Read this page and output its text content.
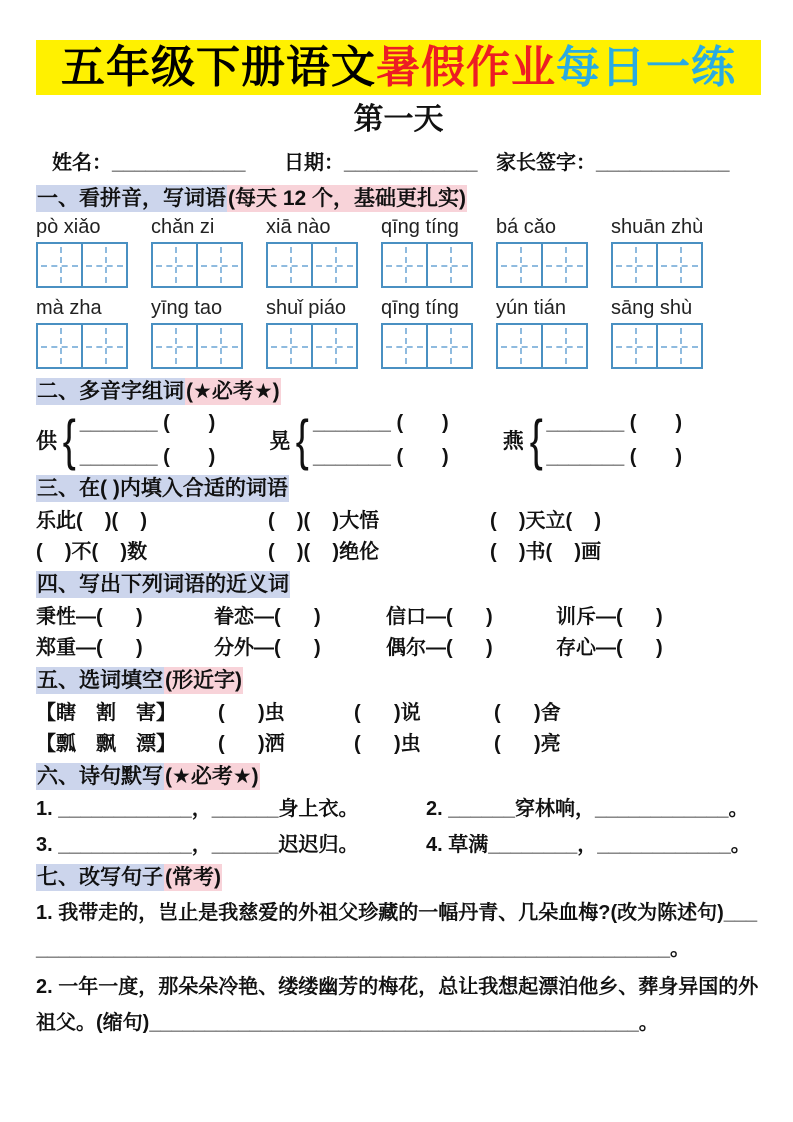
五年级下册语文暑假作业每日一练
第一天
姓名：____________	日期：____________ 家长签字：____________
一、看拼音，写词语(每天 12 个，基础更扎实)
pò xiǎo	chǎn zi	xiā nào	qīng tíng	bá cǎo	shuān zhù
mà zha	yīng tao	shuǐ piáo	qīng tíng	yún tián	sāng shù
二、多音字组词(★必考★)
供 { _______ (       )
_______ (       )
晃 { _______ (       )
_______ (       )
燕 { _______ (       )
_______ (       )
三、在( )内填入合适的词语
乐此(    )(    )	(    )(    )大悟	(    )天立(    )
(    )不(    )数	(    )(    )绝伦	(    )书(    )画
四、写出下列词语的近义词
秉性—(      )	眷恋—(      )	信口—(      )	训斥—(      )
郑重—(      )	分外—(      )	偶尔—(      )	存心—(      )
五、选词填空(形近字)
【瞎　割　害】	(      )虫	(      )说	(      )舍
【瓢　飘　漂】	(      )洒	(      )虫	(      )亮
六、诗句默写(★必考★)
1. ____________，______身上衣。	2. ______穿林响，____________。
3. ____________，______迟迟归。	4. 草满________，____________。
七、改写句子(常考)
1. 我带走的，岂止是我慈爱的外祖父珍藏的一幅丹青、几朵血梅?(改为陈述句)____________________________________________________________。
2. 一年一度，那朵朵冷艳、缕缕幽芳的梅花，总让我想起漂泊他乡、葬身异国的外祖父。(缩句)____________________________________________。
